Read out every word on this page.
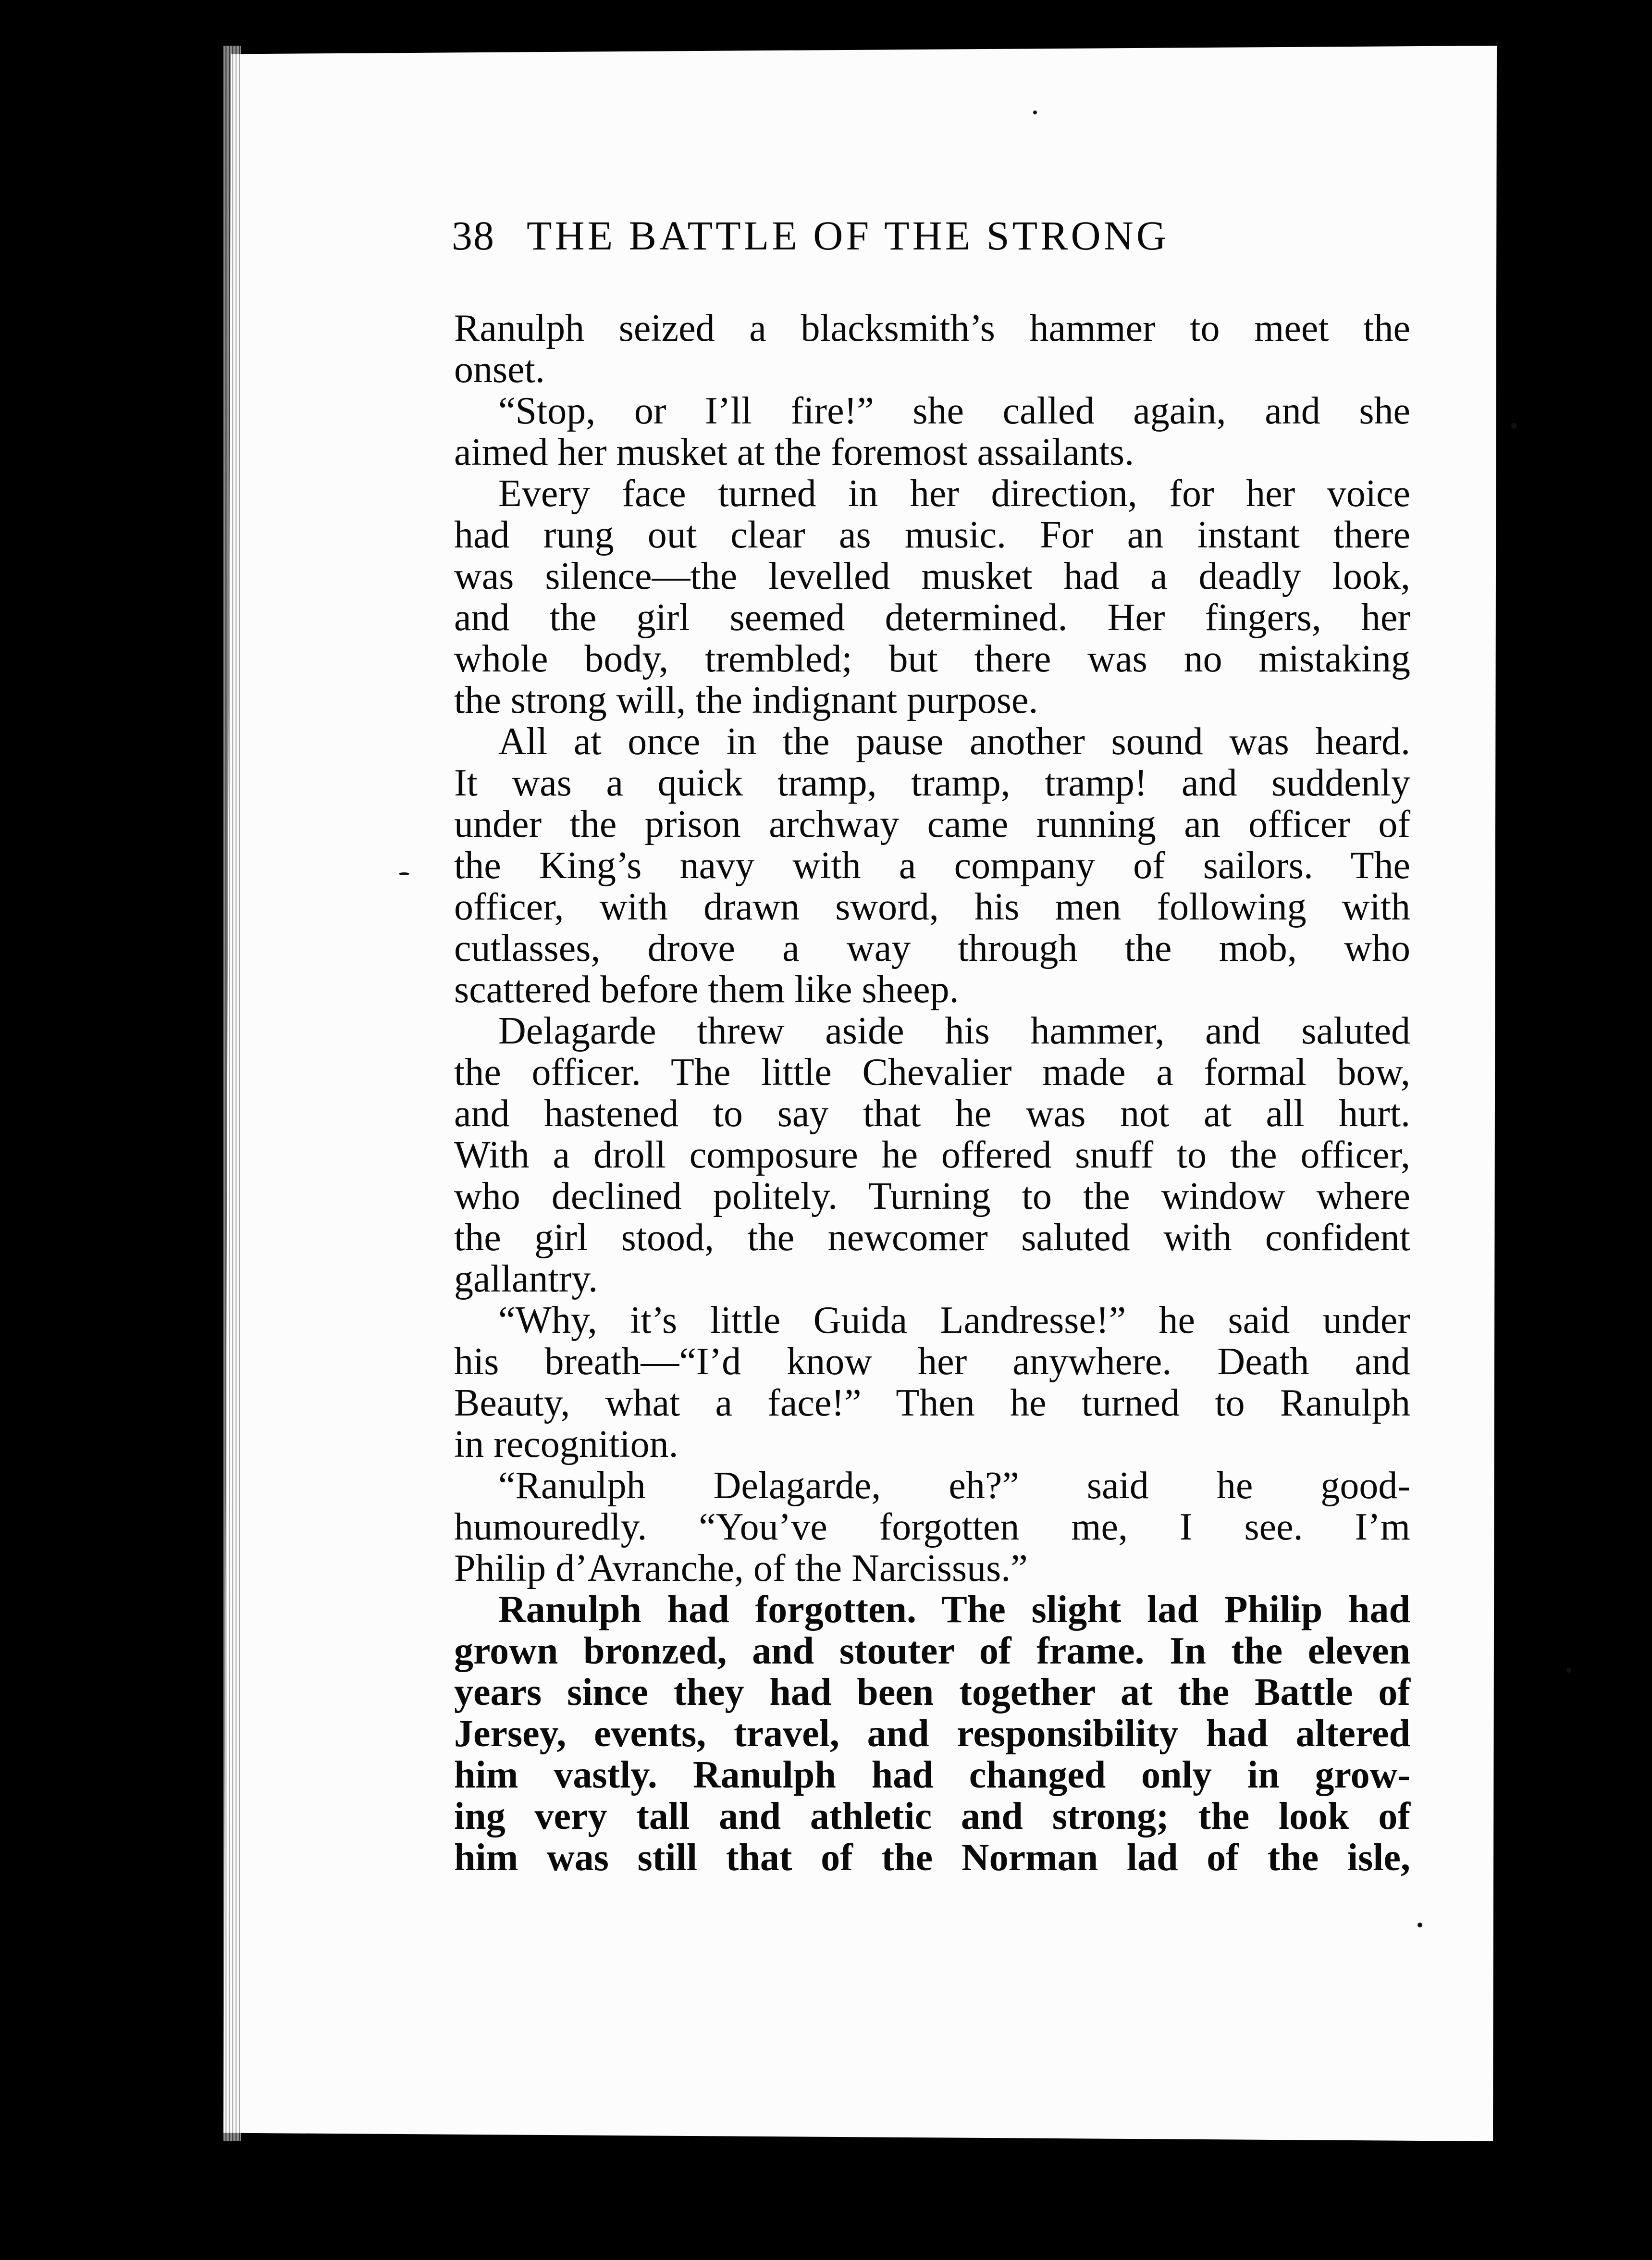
38 THE BATTLE OF THE STRONG
Ranulph seized a blacksmith’s hammer to meet the
onset.
“Stop, or I’ll fire!” she called again, and she
aimed her musket at the foremost assailants.
Every face turned in her direction, for her voice
had rung out clear as music. For an instant there
was silence—the levelled musket had a deadly look,
and the girl seemed determined. Her fingers, her
whole body, trembled; but there was no mistaking
the strong will, the indignant purpose.
All at once in the pause another sound was heard.
It was a quick tramp, tramp, tramp! and suddenly
under the prison archway came running an officer of
the King’s navy with a company of sailors. The
officer, with drawn sword, his men following with
cutlasses, drove a way through the mob, who
scattered before them like sheep.
Delagarde threw aside his hammer, and saluted
the officer. The little Chevalier made a formal bow,
and hastened to say that he was not at all hurt.
With a droll composure he offered snuff to the officer,
who declined politely. Turning to the window where
the girl stood, the newcomer saluted with confident
gallantry.
“Why, it’s little Guida Landresse!” he said under
his breath—“I’d know her anywhere. Death and
Beauty, what a face!” Then he turned to Ranulph
in recognition.
“Ranulph Delagarde, eh?” said he good-
humouredly. “You’ve forgotten me, I see. I’m
Philip d’Avranche, of the Narcissus.”
Ranulph had forgotten. The slight lad Philip had
grown bronzed, and stouter of frame. In the eleven
years since they had been together at the Battle of
Jersey, events, travel, and responsibility had altered
him vastly. Ranulph had changed only in grow-
ing very tall and athletic and strong; the look of
him was still that of the Norman lad of the isle,
